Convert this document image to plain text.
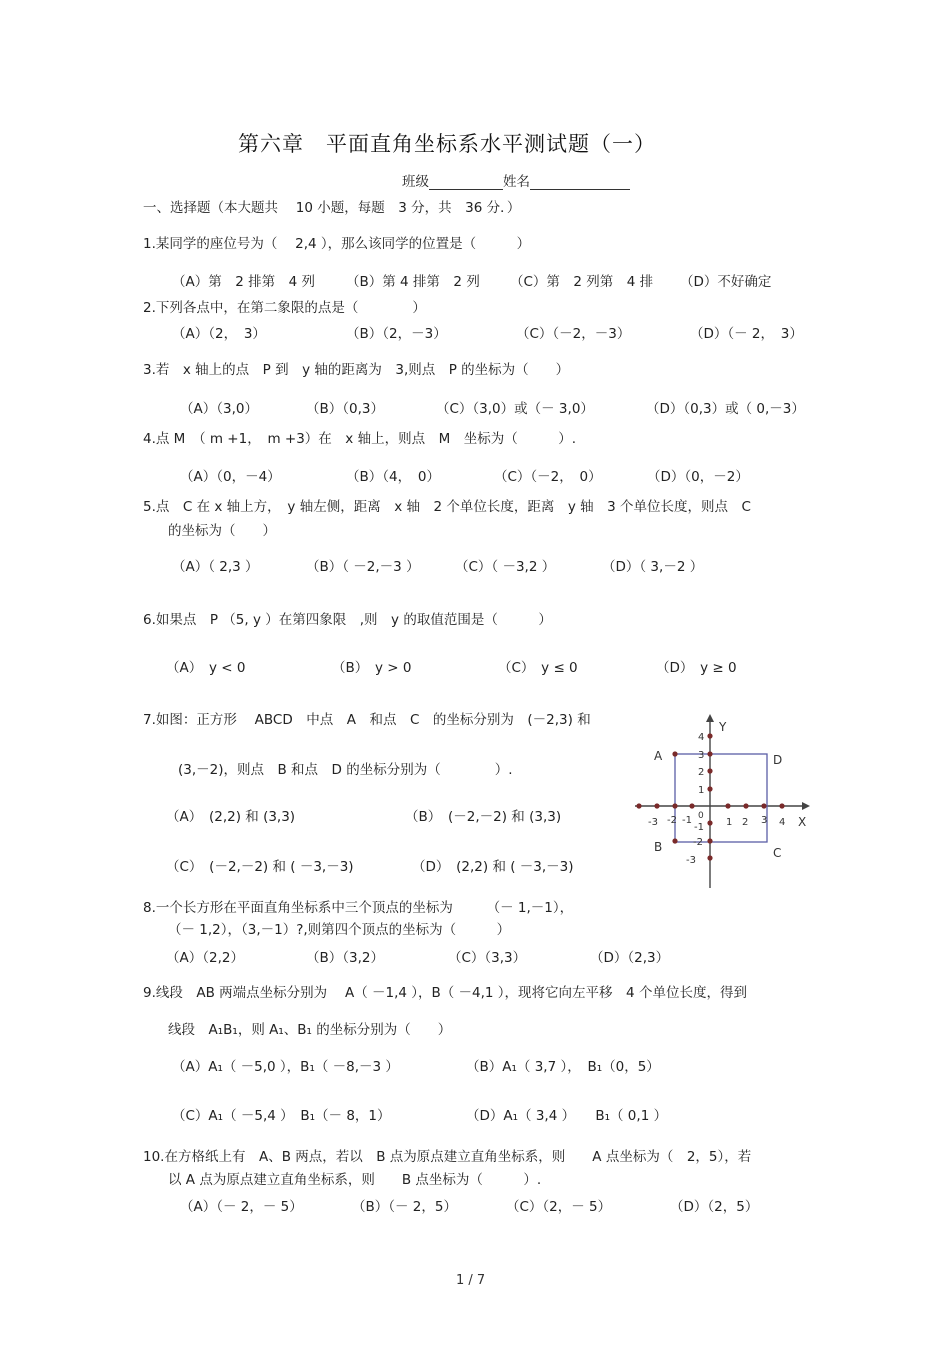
第六章　平面直角坐标系水平测试题（一）
班级	姓名
一、选择题（本大题共　 10 小题，每题　3 分，共　36 分．）
1.某同学的座位号为（　 2,4 ），那么该同学的位置是（　　　）
（A）第　2 排第　4 列 （B）第 4 排第　2 列 （C）第　2 列第　4 排 （D）不好确定
2.下列各点中，在第二象限的点是（　　　　）
（A）（2，　3）	（B）（2，－3）	（C）（－2，－3）	（D）（－ 2，　3）
3.若　x 轴上的点　P 到　y 轴的距离为　3,则点　P 的坐标为（　　）
（A）（3,0）	（B）（0,3）	（C）（3,0）或（－ 3,0）	（D）（0,3）或（ 0,－3）
4.点 M　（ m +1，　m +3）在　x 轴上，则点　M　坐标为（　　　）.
（A）（0，－4）	（B）（4，　0）	（C）（－2，　0）	（D）（0，－2）
5.点　C 在 x 轴上方，　y 轴左侧，距离　x 轴　2 个单位长度，距离　y 轴　3 个单位长度，则点　C
的坐标为（　　）
（A）（ 2,3 ）	（B）（ －2,－3 ）	（C）（ －3,2 ）	（D）（ 3,－2 ）
6.如果点　P （5, y ）在第四象限　,则　y 的取值范围是（　　　）
（A）　y < 0	（B）　y > 0	（C）　y ≤ 0	（D）　y ≥ 0
7.如图：正方形　 ABCD　中点　A　和点　C　的坐标分别为　(－2,3) 和
(3,－2)，则点　B 和点　D 的坐标分别为（　　　　）.
（A）　(2,2) 和 (3,3)	（B）　(－2,－2) 和 (3,3)
（C）　(－2,－2) 和 ( －3,－3)	（D）　(2,2) 和 ( －3,－3)
Y
X
0
-3 -2 -1	1 2 3 4
4
3
2
1
-1
-2
-3
A	D
B	C
8.一个长方形在平面直角坐标系中三个顶点的坐标为　　　（－ 1,－1），
（－ 1,2），（3,－1）?,则第四个顶点的坐标为（　　　）
（A）（2,2）	（B）（3,2）	（C）（3,3）	（D）（2,3）
9.线段　AB 两端点坐标分别为　 A（ －1,4 ），B（ －4,1 ），现将它向左平移　4 个单位长度，得到
线段　A₁B₁，则 A₁、B₁ 的坐标分别为（　　）
（A）A₁（ －5,0 ），B₁（ －8,－3 ）	（B）A₁（ 3,7 ），　B₁（0，5）
（C）A₁（ －5,4 ）　B₁（－ 8，1）	（D）A₁（ 3,4 ）　　B₁（ 0,1 ）
10.在方格纸上有　A、B 两点，若以　B 点为原点建立直角坐标系，则　　A 点坐标为（　2，5），若
以 A 点为原点建立直角坐标系，则　　B 点坐标为（　　　）.
（A）（－ 2，－ 5）	（B）（－ 2，5）	（C）（2，－ 5）	（D）（2，5）
1 / 7
